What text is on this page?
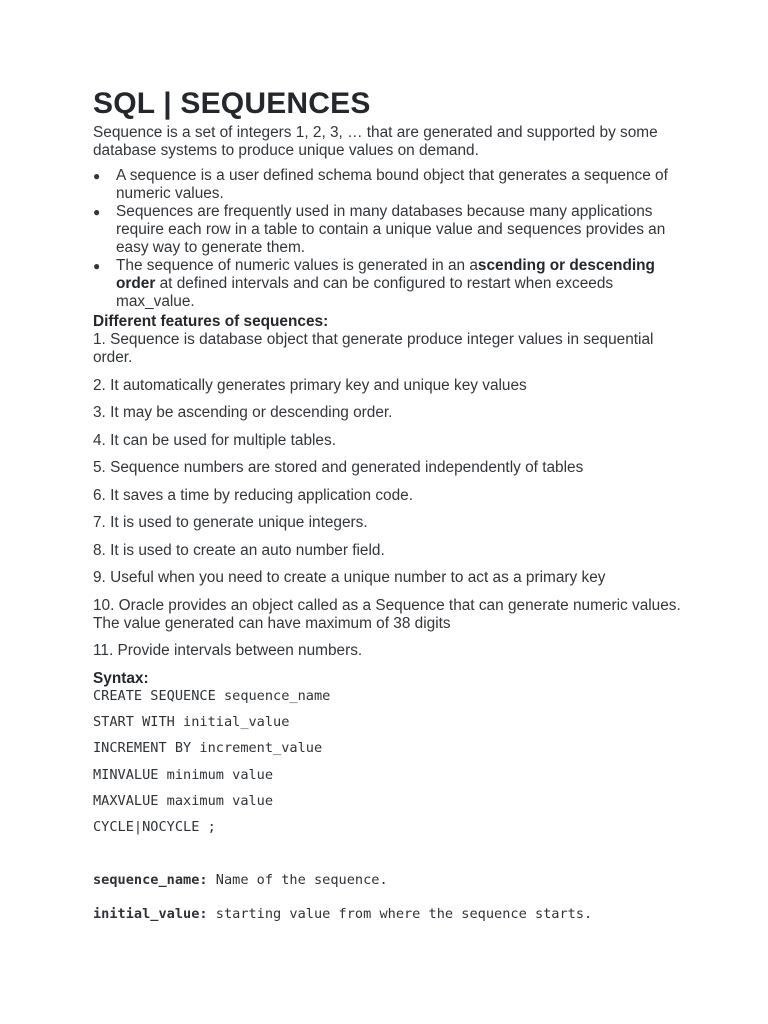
SQL | SEQUENCES

Sequence is a set of integers 1, 2, 3, … that are generated and supported by some database systems to produce unique values on demand.

● A sequence is a user defined schema bound object that generates a sequence of numeric values.
● Sequences are frequently used in many databases because many applications require each row in a table to contain a unique value and sequences provides an easy way to generate them.
● The sequence of numeric values is generated in an ascending or descending order at defined intervals and can be configured to restart when exceeds max_value.

Different features of sequences:

1. Sequence is database object that generate produce integer values in sequential order.

2. It automatically generates primary key and unique key values

3. It may be ascending or descending order.

4. It can be used for multiple tables.

5. Sequence numbers are stored and generated independently of tables

6. It saves a time by reducing application code.

7. It is used to generate unique integers.

8. It is used to create an auto number field.

9. Useful when you need to create a unique number to act as a primary key

10. Oracle provides an object called as a Sequence that can generate numeric values. The value generated can have maximum of 38 digits

11. Provide intervals between numbers.

Syntax:

CREATE SEQUENCE sequence_name
START WITH initial_value
INCREMENT BY increment_value
MINVALUE minimum value
MAXVALUE maximum value
CYCLE|NOCYCLE ;
sequence_name: Name of the sequence.
initial_value: starting value from where the sequence starts.
